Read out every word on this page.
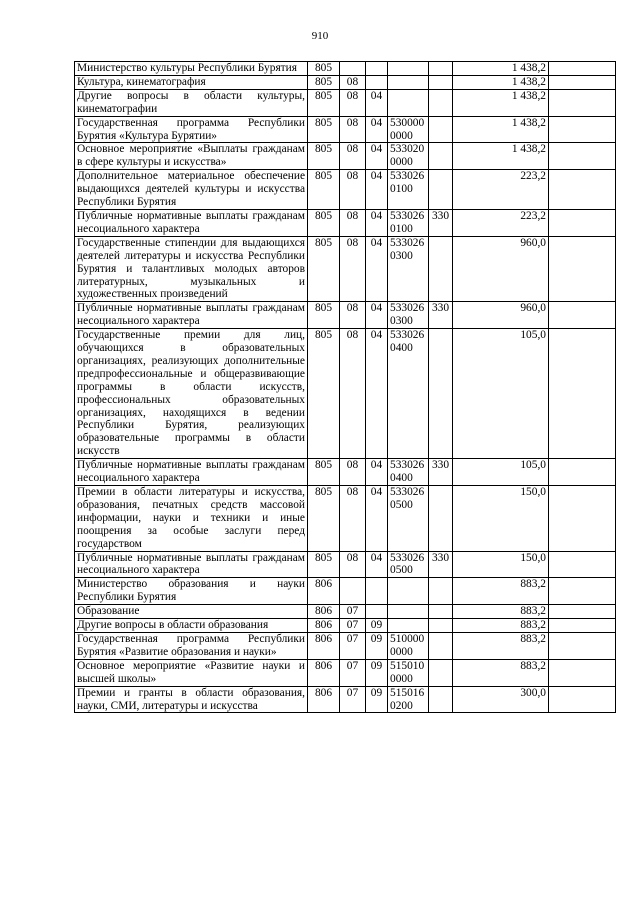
910
Министерство культуры Республики Бурятия	805					1 438,2	
Культура, кинематография	805	08				1 438,2	
Другие вопросы в области культуры, кинематографии	805	08	04			1 438,2	
Государственная программа Республики Бурятия «Культура Бурятии»	805	08	04	530000 0000		1 438,2	
Основное мероприятие «Выплаты гражданам в сфере культуры и искусства»	805	08	04	533020 0000		1 438,2	
Дополнительное материальное обеспечение выдающихся деятелей культуры и искусства Республики Бурятия	805	08	04	533026 0100		223,2	
Публичные нормативные выплаты гражданам несоциального характера	805	08	04	533026 0100	330	223,2	
Государственные стипендии для выдающихся деятелей литературы и искусства Республики Бурятия и талантливых молодых авторов литературных, музыкальных и художественных произведений	805	08	04	533026 0300		960,0	
Публичные нормативные выплаты гражданам несоциального характера	805	08	04	533026 0300	330	960,0	
Государственные премии для лиц, обучающихся в образовательных организациях, реализующих дополнительные предпрофессиональные и общеразвивающие программы в области искусств, профессиональных образовательных организациях, находящихся в ведении Республики Бурятия, реализующих образовательные программы в области искусств	805	08	04	533026 0400		105,0	
Публичные нормативные выплаты гражданам несоциального характера	805	08	04	533026 0400	330	105,0	
Премии в области литературы и искусства, образования, печатных средств массовой информации, науки и техники и иные поощрения за особые заслуги перед государством	805	08	04	533026 0500		150,0	
Публичные нормативные выплаты гражданам несоциального характера	805	08	04	533026 0500	330	150,0	
Министерство образования и науки Республики Бурятия	806					883,2	
Образование	806	07				883,2	
Другие вопросы в области образования	806	07	09			883,2	
Государственная программа Республики Бурятия «Развитие образования и науки»	806	07	09	510000 0000		883,2	
Основное мероприятие «Развитие науки и высшей школы»	806	07	09	515010 0000		883,2	
Премии и гранты в области образования, науки, СМИ, литературы и искусства	806	07	09	515016 0200		300,0	
